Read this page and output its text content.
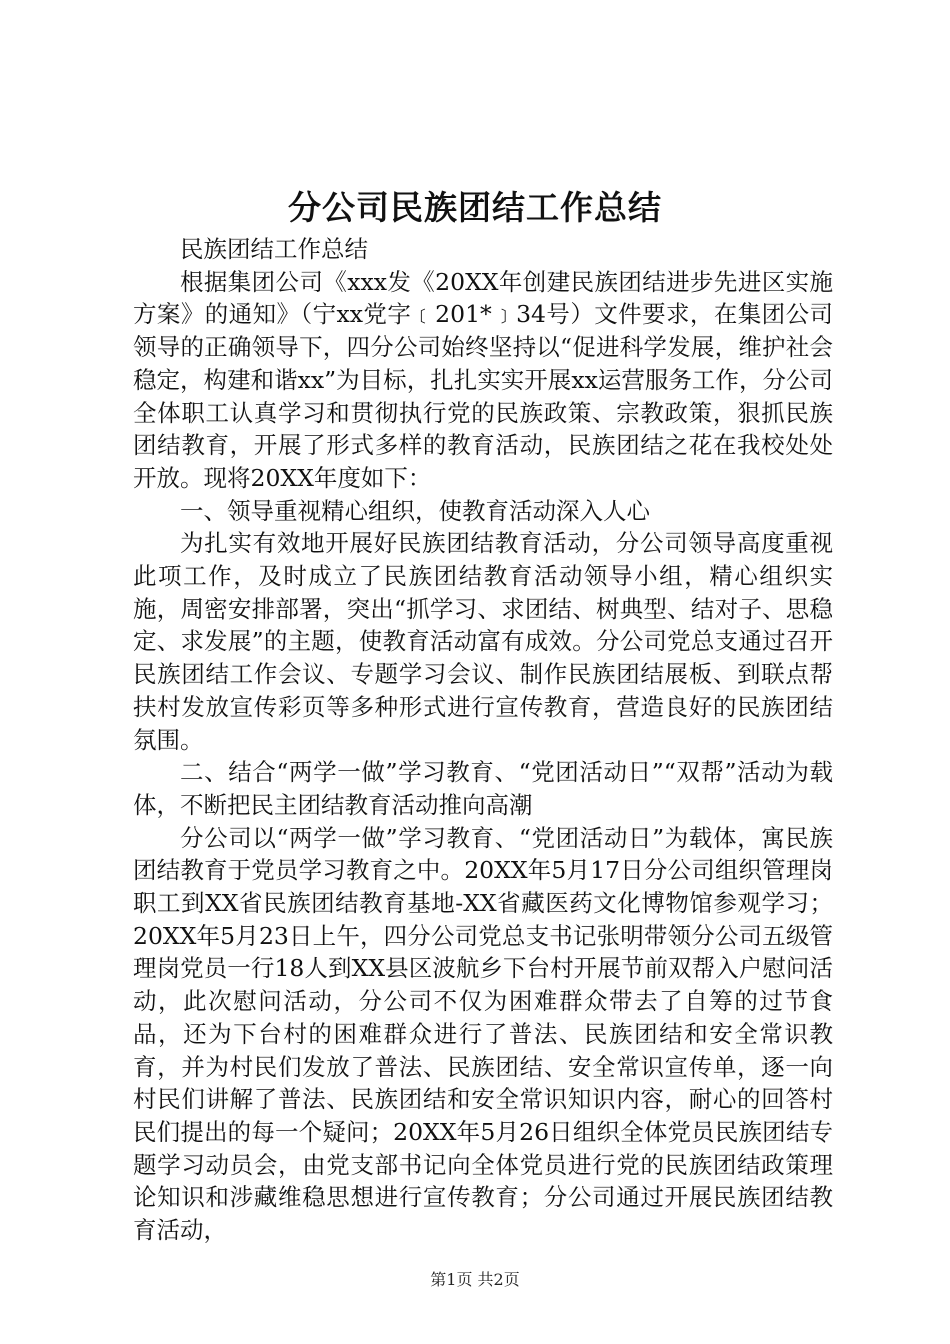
分公司民族团结工作总结

民族团结工作总结

根据集团公司《xxx发《20XX年创建民族团结进步先进区实施方案》的通知》（宁xx党字﹝201*﹞34号）文件要求，在集团公司领导的正确领导下，四分公司始终坚持以“促进科学发展，维护社会稳定，构建和谐xx”为目标，扎扎实实开展xx运营服务工作，分公司全体职工认真学习和贯彻执行党的民族政策、宗教政策，狠抓民族团结教育，开展了形式多样的教育活动，民族团结之花在我校处处开放。现将20XX年度如下：

一、领导重视精心组织，使教育活动深入人心

为扎实有效地开展好民族团结教育活动，分公司领导高度重视此项工作，及时成立了民族团结教育活动领导小组，精心组织实施，周密安排部署，突出“抓学习、求团结、树典型、结对子、思稳定、求发展”的主题，使教育活动富有成效。分公司党总支通过召开民族团结工作会议、专题学习会议、制作民族团结展板、到联点帮扶村发放宣传彩页等多种形式进行宣传教育，营造良好的民族团结氛围。

二、结合“两学一做”学习教育、“党团活动日”“双帮”活动为载体，不断把民主团结教育活动推向高潮

分公司以“两学一做”学习教育、“党团活动日”为载体，寓民族团结教育于党员学习教育之中。20XX年5月17日分公司组织管理岗职工到XX省民族团结教育基地-XX省藏医药文化博物馆参观学习；20XX年5月23日上午，四分公司党总支书记张明带领分公司五级管理岗党员一行18人到XX县区波航乡下台村开展节前双帮入户慰问活动，此次慰问活动，分公司不仅为困难群众带去了自筹的过节食品，还为下台村的困难群众进行了普法、民族团结和安全常识教育，并为村民们发放了普法、民族团结、安全常识宣传单，逐一向村民们讲解了普法、民族团结和安全常识知识内容，耐心的回答村民们提出的每一个疑问；20XX年5月26日组织全体党员民族团结专题学习动员会，由党支部书记向全体党员进行党的民族团结政策理论知识和涉藏维稳思想进行宣传教育；分公司通过开展民族团结教育活动，

第1页 共2页
